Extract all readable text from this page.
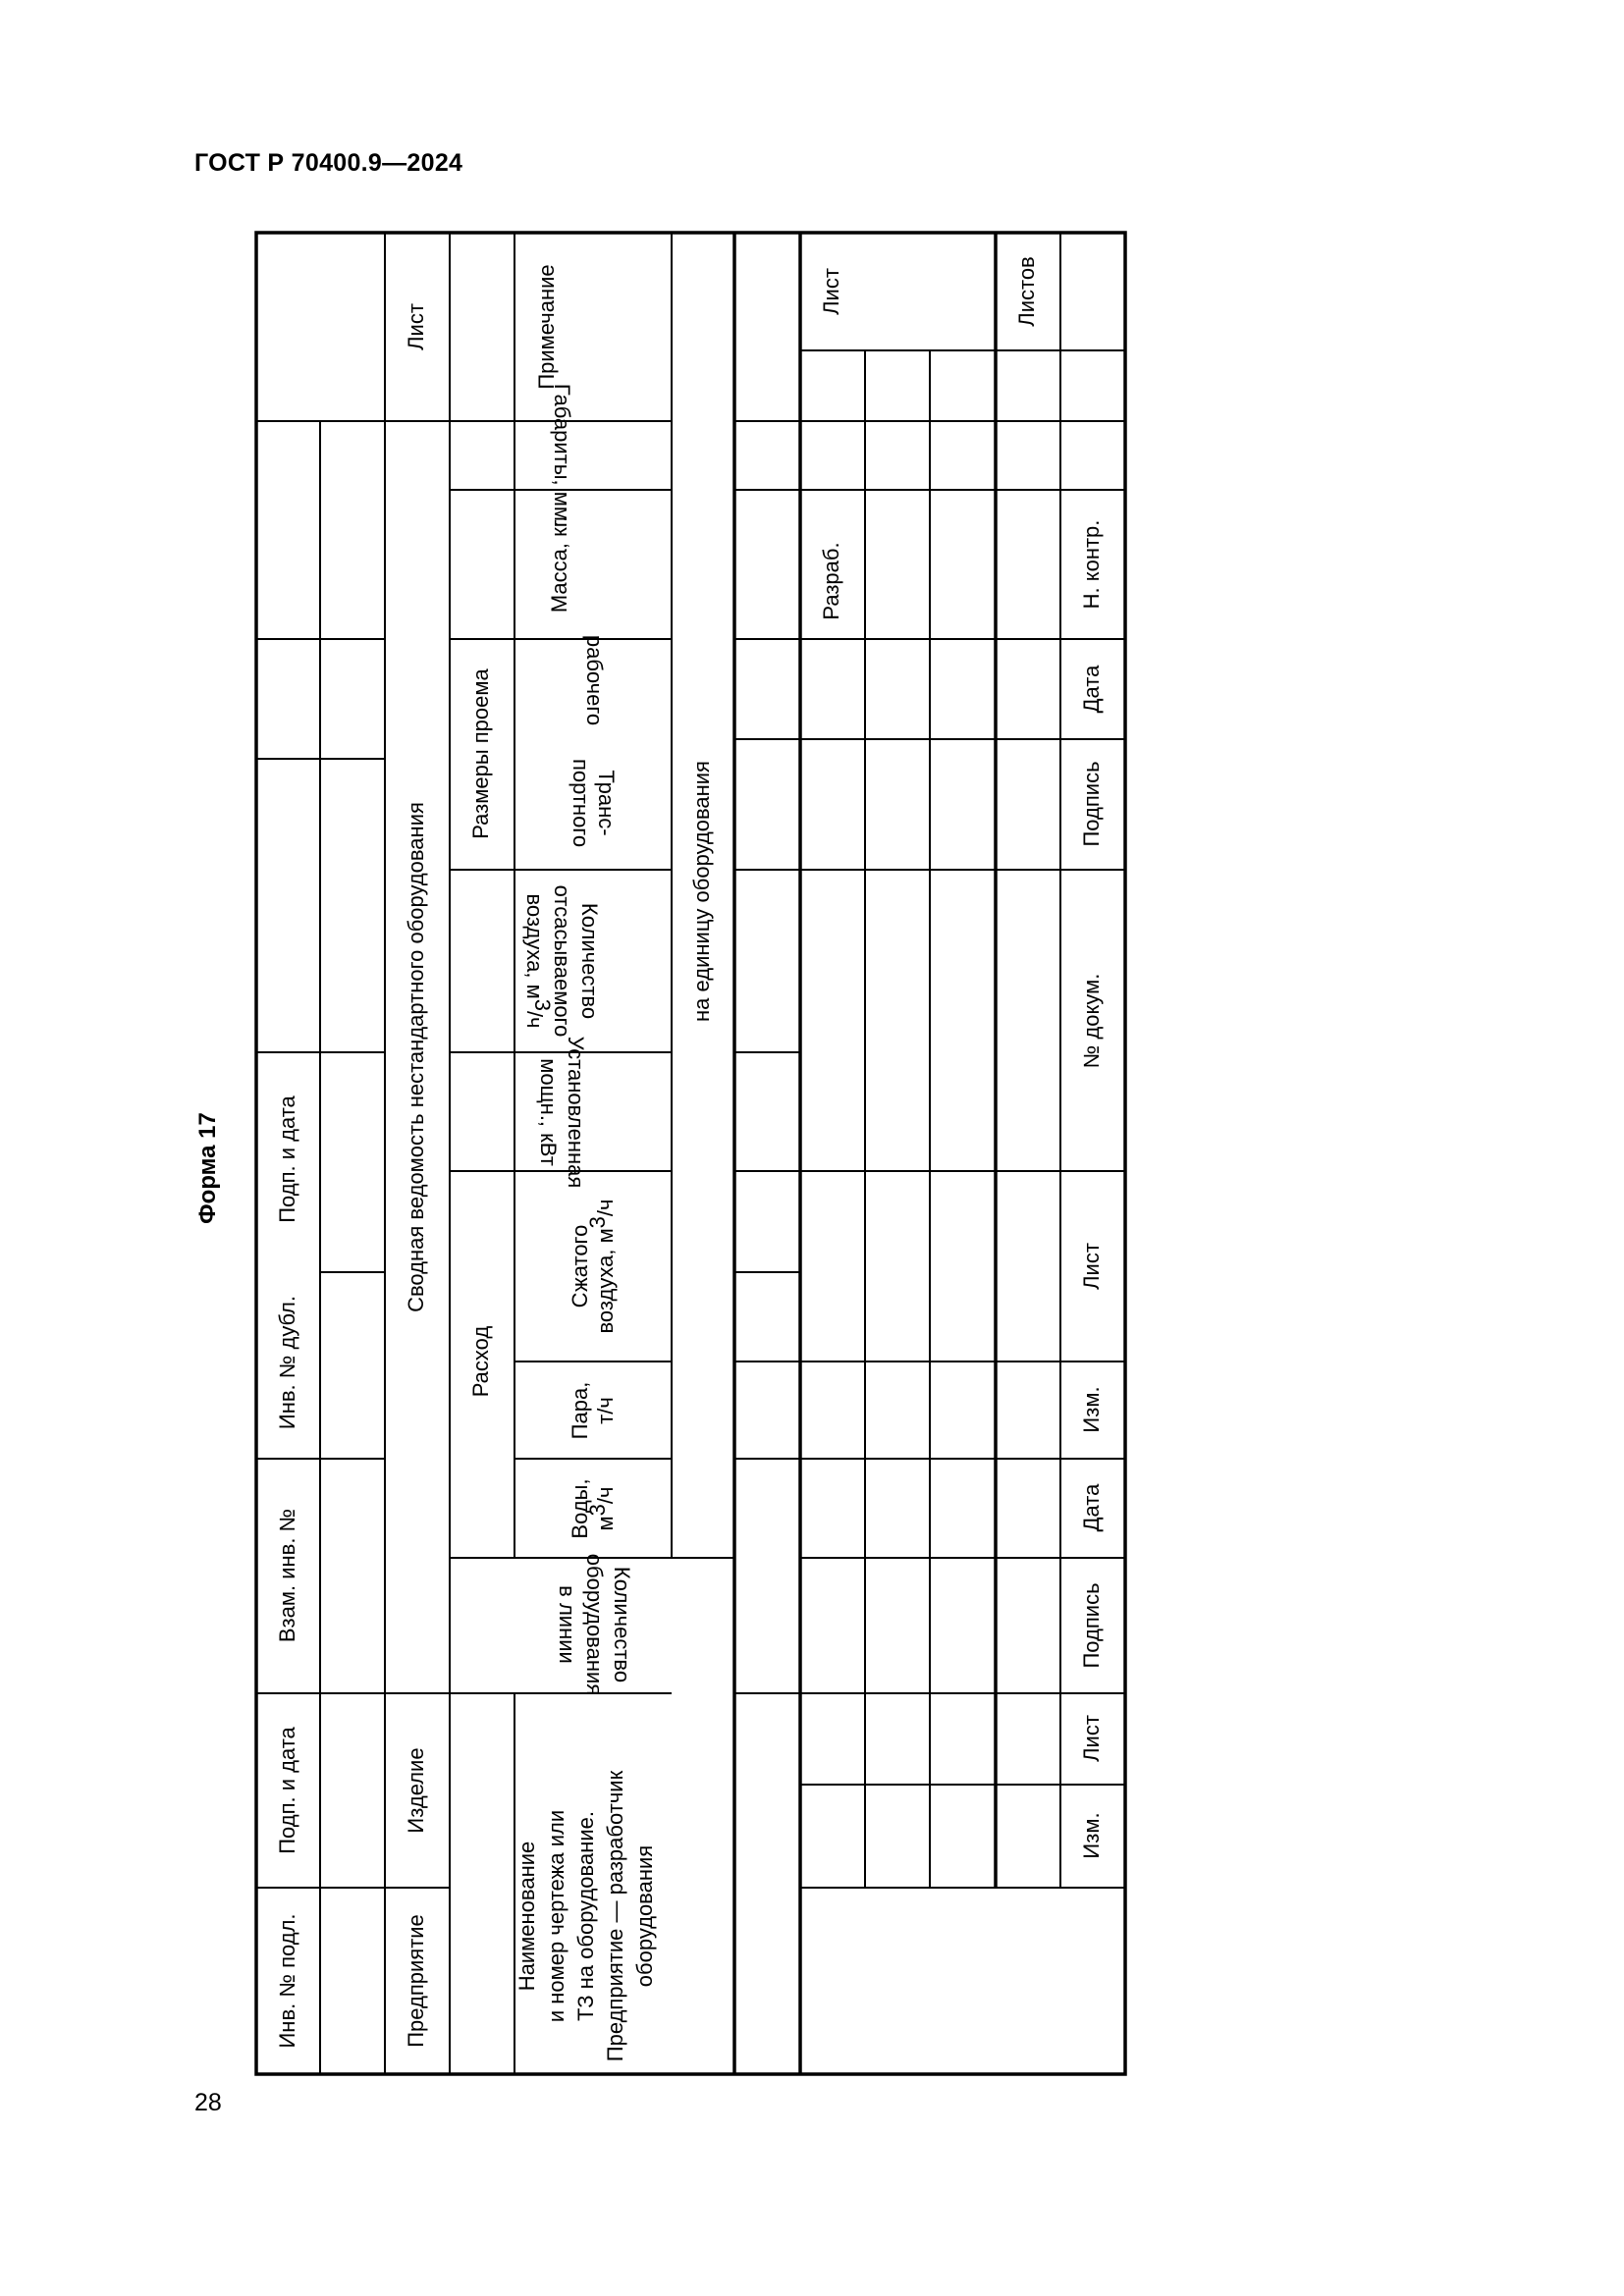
ГОСТ Р 70400.9—2024
28
Форма 17
Инв. № подл.
Подп. и дата
Взам. инв. №
Инв. № дубл.
Подп. и дата
Предприятие
Изделие
Сводная ведомость нестандартного оборудования
Лист
Наименование и номер чертежа или ТЗ на оборудование. Предприятие — разработчик оборудования
Количество
оборудования
в линии
Расход
Воды, м3/ч
Пара, т/ч
Сжатого воздуха, м3/ч
Установленная
мощн., кВт
Количество
отсасываемого
воздуха, м3/ч
Размеры проема	Транс-
портного
рабочего
Масса, кг.
Габариты, мм.
Примечание
на единицу оборудования
Изм.
Лист
Подпись
Дата
Изм.
Лист
№ докум.
Подпись
Дата
Н. контр.
Листов
Разраб.
Лист
